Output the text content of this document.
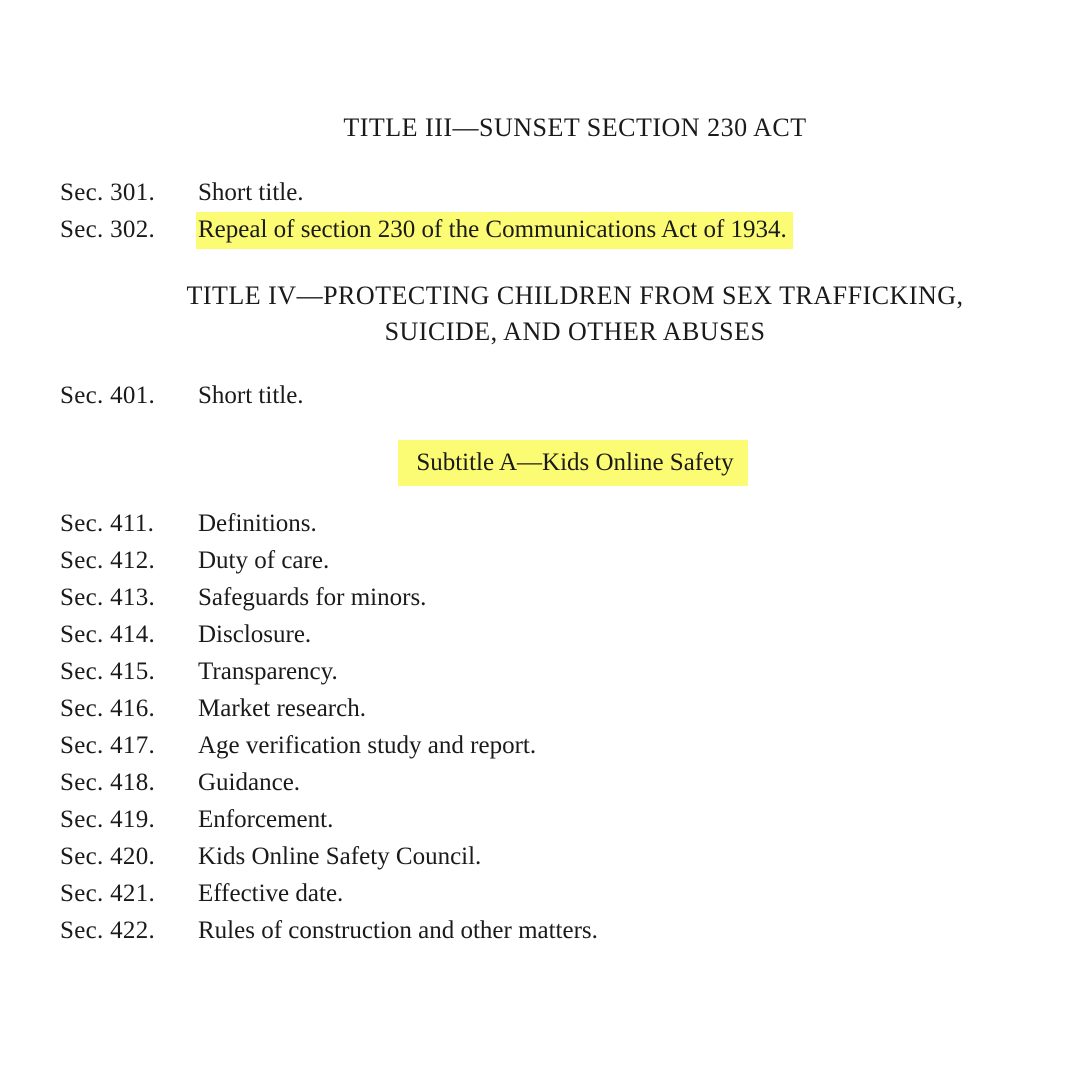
TITLE III—SUNSET SECTION 230 ACT
Sec. 301. Short title.
Sec. 302. Repeal of section 230 of the Communications Act of 1934.
TITLE IV—PROTECTING CHILDREN FROM SEX TRAFFICKING,
SUICIDE, AND OTHER ABUSES
Sec. 401. Short title.
Subtitle A—Kids Online Safety
Sec. 411. Definitions.
Sec. 412. Duty of care.
Sec. 413. Safeguards for minors.
Sec. 414. Disclosure.
Sec. 415. Transparency.
Sec. 416. Market research.
Sec. 417. Age verification study and report.
Sec. 418. Guidance.
Sec. 419. Enforcement.
Sec. 420. Kids Online Safety Council.
Sec. 421. Effective date.
Sec. 422. Rules of construction and other matters.
